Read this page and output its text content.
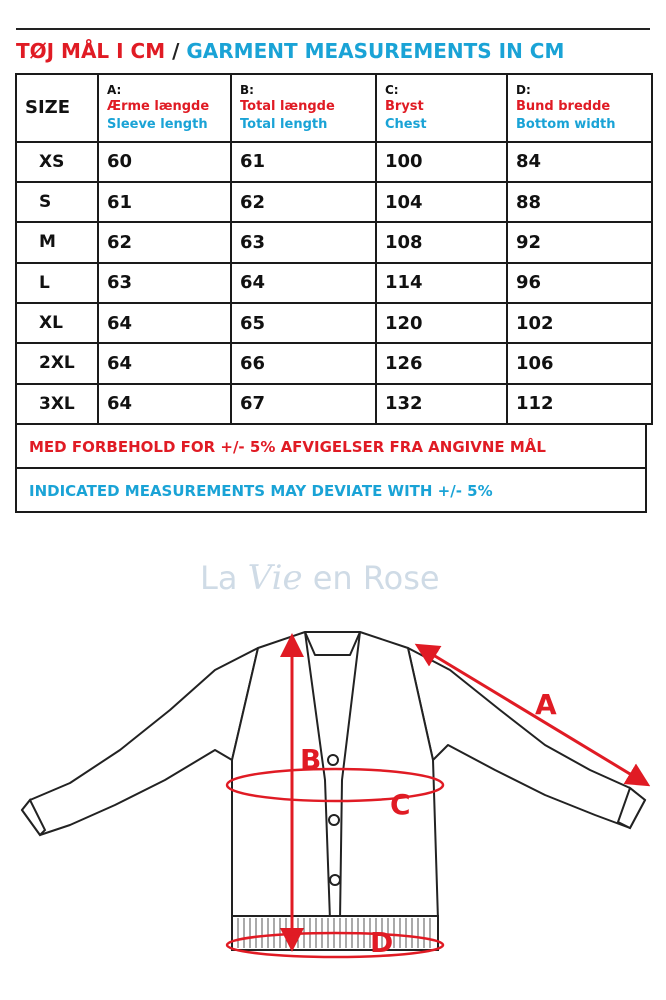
TØJ MÅL I CM / GARMENT MEASUREMENTS IN CM
SIZE	A:
Ærme længde
Sleeve length	B:
Total længde
Total length	C:
Bryst
Chest	D:
Bund bredde
Bottom width

XS	60	61	100	84
S	61	62	104	88
M	62	63	108	92
L	63	64	114	96
XL	64	65	120	102
2XL	64	66	126	106
3XL	64	67	132	112
MED FORBEHOLD FOR +/- 5% AFVIGELSER FRA ANGIVNE MÅL
INDICATED MEASUREMENTS MAY DEVIATE WITH +/- 5%
La Vie en Rose
A
B
C
D
